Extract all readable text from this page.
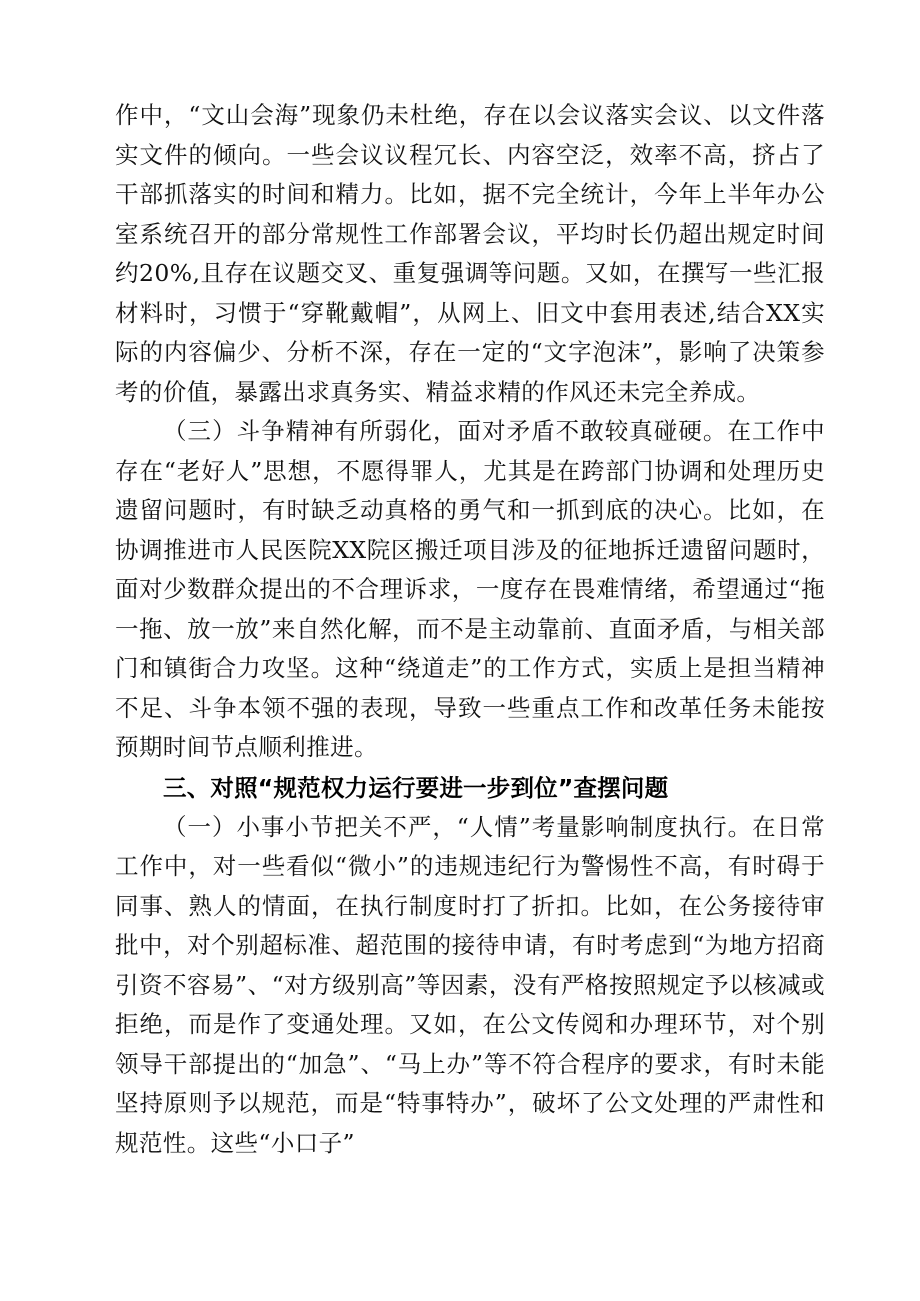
作中，“文山会海”现象仍未杜绝，存在以会议落实会议、以文件落实文件的倾向。一些会议议程冗长、内容空泛，效率不高，挤占了干部抓落实的时间和精力。比如，据不完全统计，今年上半年办公室系统召开的部分常规性工作部署会议，平均时长仍超出规定时间约20%,且存在议题交叉、重复强调等问题。又如，在撰写一些汇报材料时，习惯于“穿靴戴帽”，从网上、旧文中套用表述,结合XX实际的内容偏少、分析不深，存在一定的“文字泡沫”，影响了决策参考的价值，暴露出求真务实、精益求精的作风还未完全养成。

（三）斗争精神有所弱化，面对矛盾不敢较真碰硬。在工作中存在“老好人”思想，不愿得罪人，尤其是在跨部门协调和处理历史遗留问题时，有时缺乏动真格的勇气和一抓到底的决心。比如，在协调推进市人民医院XX院区搬迁项目涉及的征地拆迁遗留问题时，面对少数群众提出的不合理诉求，一度存在畏难情绪，希望通过“拖一拖、放一放”来自然化解，而不是主动靠前、直面矛盾，与相关部门和镇街合力攻坚。这种“绕道走”的工作方式，实质上是担当精神不足、斗争本领不强的表现，导致一些重点工作和改革任务未能按预期时间节点顺利推进。

三、对照“规范权力运行要进一步到位”查摆问题

（一）小事小节把关不严，“人情”考量影响制度执行。在日常工作中，对一些看似“微小”的违规违纪行为警惕性不高，有时碍于同事、熟人的情面，在执行制度时打了折扣。比如，在公务接待审批中，对个别超标准、超范围的接待申请，有时考虑到“为地方招商引资不容易”、“对方级别高”等因素，没有严格按照规定予以核减或拒绝，而是作了变通处理。又如，在公文传阅和办理环节，对个别领导干部提出的“加急”、“马上办”等不符合程序的要求，有时未能坚持原则予以规范，而是“特事特办”，破坏了公文处理的严肃性和规范性。这些“小口子”
